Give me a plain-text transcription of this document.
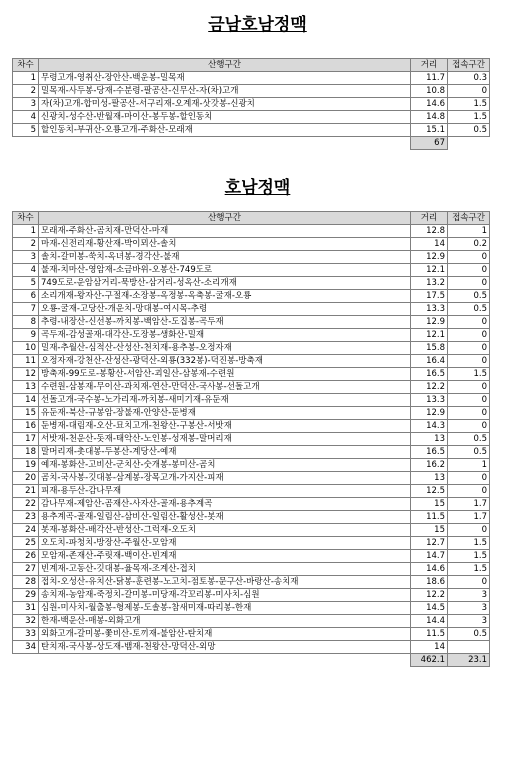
금남호남정맥
차수	산행구간	거리	접속구간
1	무령고개-영취산-장안산-백운봉-밀목재	11.7	0.3
2	밀목재-사두봉-당재-수분령-팔공산-신무산-자(차)고개	10.8	0
3	자(차)고개-합미성-팔공산-서구리재-오계재-삿갓봉-신광치	14.6	1.5
4	신광치-성수산-반월재-마이산-봉두봉-할인동치	14.8	1.5
5	할인동치-부귀산-오룡고개-주화산-모래재	15.1	0.5
		67	
호남정맥
차수	산행구간	거리	접속구간
1	모래재-주화산-곰치재-만덕산-마재	12.8	1
2	마재-신전리재-황산재-박이뫼산-솔치	14	0.2
3	솔치-갈미봉-쑥치-옥녀봉-경각산-불재	12.9	0
4	불재-치마산-영암재-소금바위-오봉산-749도로	12.1	0
5	749도로-운암삼거리-묵방산-삼거리-성옥산-소리개재	13.2	0
6	소리개재-왕자산-구절재-소장봉-옥정봉-옥축봉-굴재-오룡	17.5	0.5
7	오룡-굴재-고당산-개운치-망대봉-여시목-추령	13.3	0.5
8	추령-내장산-신선봉-까치봉-백암산-도집봉-곡두재	12.9	0
9	곡두재-감성골재-대각산-도장봉-생화산-밀재	12.1	0
10	밀재-추월산-심적산-산성산-천치재-용추봉-오정자재	15.8	0
11	오정자재-강천산-산성산-광덕산-외룡(332봉)-덕진봉-방축재	16.4	0
12	방축재-99도로-봉황산-서암산-괴일산-삼봉재-수련원	16.5	1.5
13	수련원-삼봉재-무이산-과치재-연산-만덕산-국사봉-선돌고개	12.2	0
14	선돌고개-국수봉-노가리재-까치봉-새미기재-유둔재	13.3	0
15	유둔재-북산-규봉암-장불재-안양산-둔병재	12.9	0
16	둔병재-대림재-오산-묘치고개-천왕산-구봉산-서밧재	14.3	0
17	서밧재-천운산-돗재-태악산-노인봉-성재봉-말머리재	13	0.5
18	말머리재-촛대봉-두봉산-계당산-예재	16.5	0.5
19	예재-봉화산-고비산-군치산-숫개봉-봉미산-곰치	16.2	1
20	곰치-국사봉-깃대봉-삼계봉-장목고개-가지산-피재	13	0
21	피재-용두산-감나무재	12.5	0
22	감나무재-제암산-곰재산-사자산-골재-용추계곡	15	1.7
23	용추계곡-골재-일림산-삼비산-일림산-활성산-봇재	11.5	1.7
24	봇재-봉화산-배각산-반성산-그럭재-오도치	15	0
25	오도치-파청치-방장산-주월산-모암재	12.7	1.5
26	모암재-존재산-주릿재-백이산-빈계재	14.7	1.5
27	빈계재-고동산-깃대봉-율목재-조계산-접치	14.6	1.5
28	접치-오성산-유치산-닭봉-훈련봉-노고치-점토봉-문구산-바랑산-송치재	18.6	0
29	송치재-농암재-죽정치-갈미봉-미당재-각꼬리봉-미사치-심원	12.2	3
31	심원-미사치-월출봉-형제봉-도솔봉-참새미재-따리봉-한재	14.5	3
32	한재-백운산-매봉-외화고개	14.4	3
33	외화고개-갈미봉-쫓비산-토끼재-불암산-탄치재	11.5	0.5
34	탄치재-국사봉-상도재-뱀재-천왕산-망덕산-외망	14	
		462.1	23.1
